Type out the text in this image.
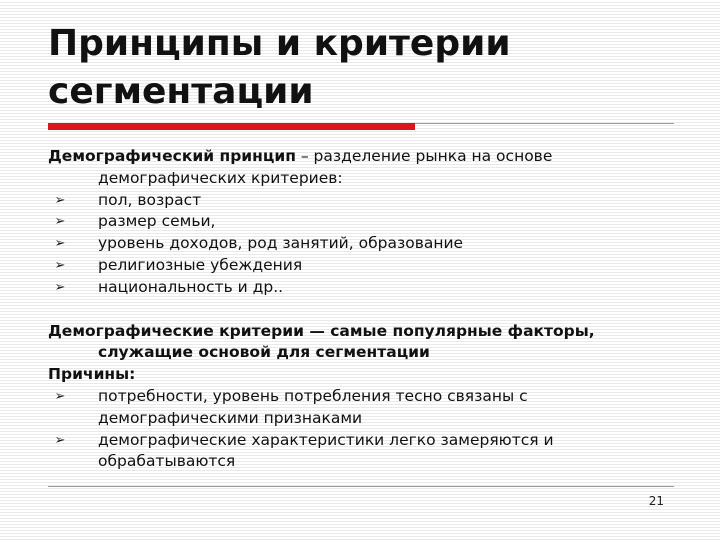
Принципы и критерии
сегментации

Демографический принцип – разделение рынка на основе
демографических критериев:

➢ пол, возраст

➢ размер семьи,

➢ уровень доходов, род занятий, образование

➢ религиозные убеждения

➢ национальность и др..

Демографические критерии — самые популярные факторы,
служащие основой для сегментации

Причины:

➢ потребности, уровень потребления тесно связаны с
демографическими признаками

➢ демографические характеристики легко замеряются и
обрабатываются

21
